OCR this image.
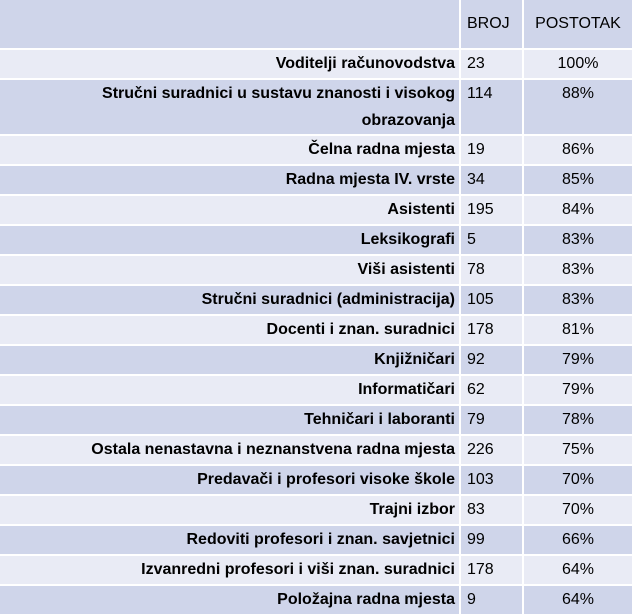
	BROJ	POSTOTAK
Voditelji računovodstva	23	100%
Stručni suradnici u sustavu znanosti i visokog obrazovanja	114	88%
Čelna radna mjesta	19	86%
Radna mjesta IV. vrste	34	85%
Asistenti	195	84%
Leksikografi	5	83%
Viši asistenti	78	83%
Stručni suradnici (administracija)	105	83%
Docenti i znan. suradnici	178	81%
Knjižničari	92	79%
Informatičari	62	79%
Tehničari i laboranti	79	78%
Ostala nenastavna i neznanstvena radna mjesta	226	75%
Predavači i profesori visoke škole	103	70%
Trajni izbor	83	70%
Redoviti profesori i znan. savjetnici	99	66%
Izvanredni profesori i viši znan. suradnici	178	64%
Položajna radna mjesta	9	64%
